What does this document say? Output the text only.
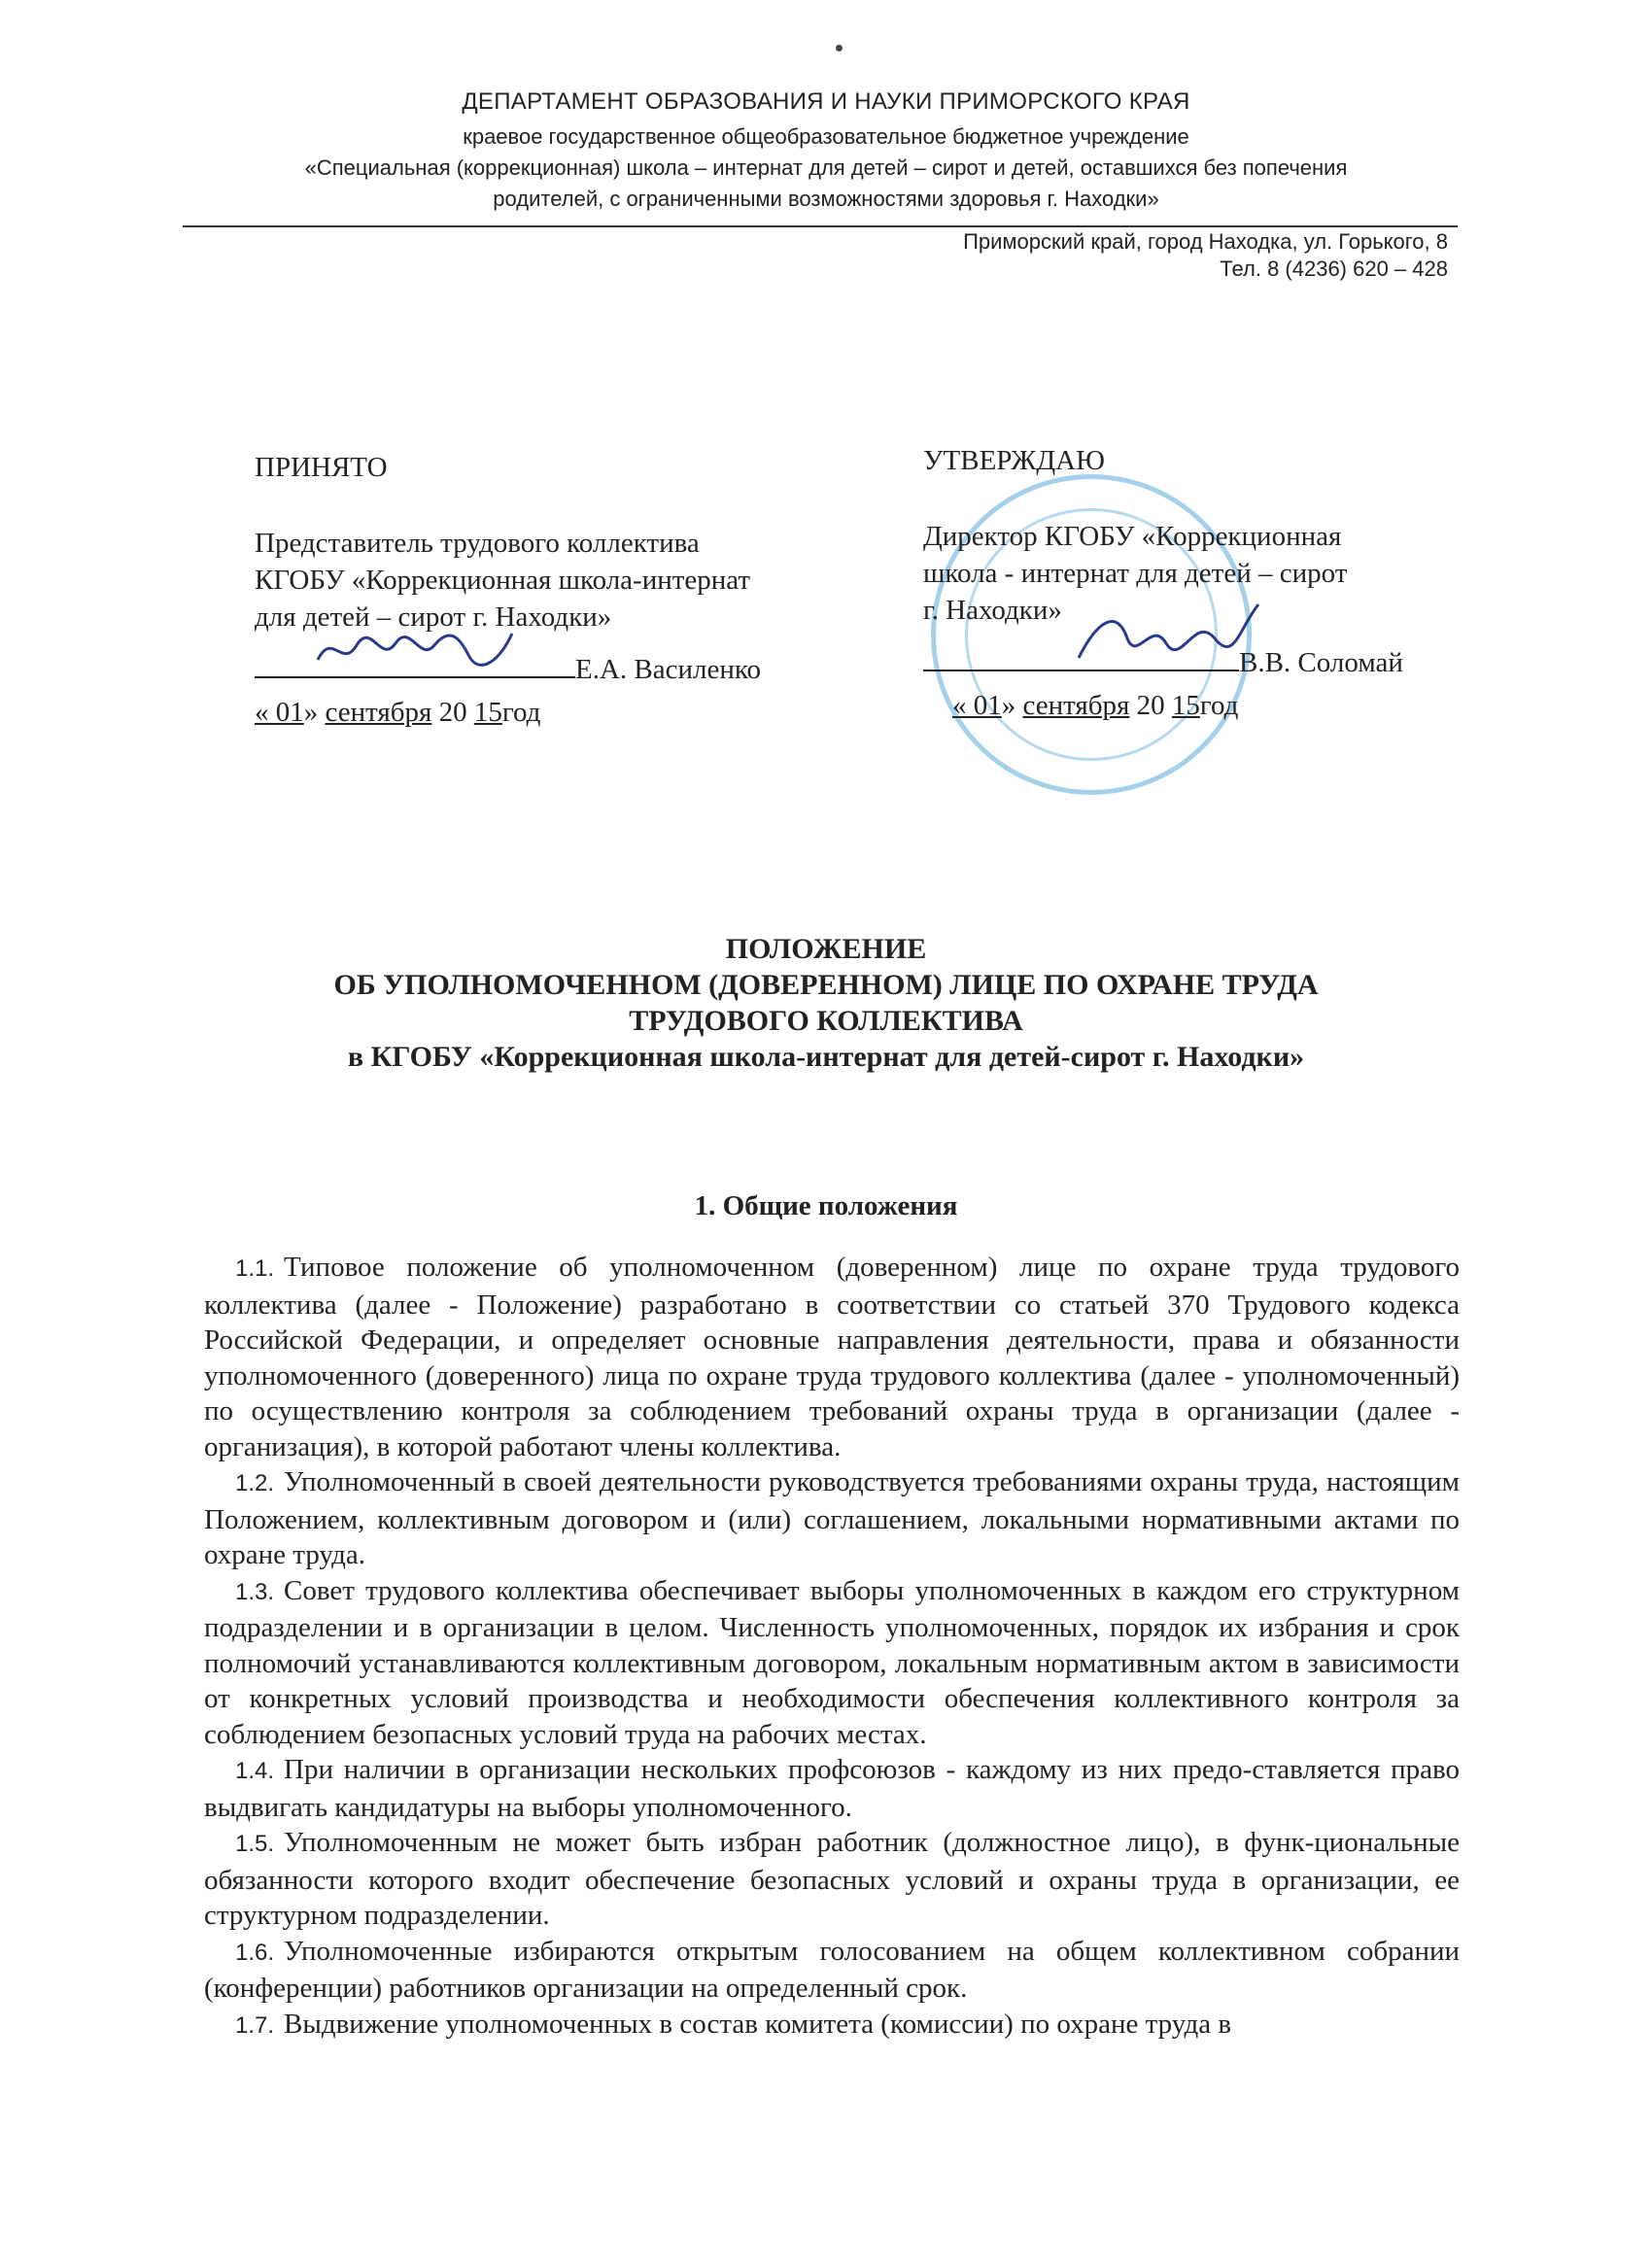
ДЕПАРТАМЕНТ ОБРАЗОВАНИЯ И НАУКИ ПРИМОРСКОГО КРАЯ
краевое государственное общеобразовательное бюджетное учреждение
«Специальная (коррекционная) школа – интернат для детей – сирот и детей, оставшихся без попечения
родителей, с ограниченными возможностями здоровья г. Находки»
Приморский край, город Находка, ул. Горького, 8
Тел. 8 (4236) 620 – 428
ПРИНЯТО
Представитель трудового коллектива
КГОБУ «Коррекционная школа-интернат
для детей – сирот г. Находки»
Е.А. Василенко
« 01» сентября 20 15год
УТВЕРЖДАЮ
Директор КГОБУ «Коррекционная
школа - интернат для детей – сирот
г. Находки»
В.В. Соломай
« 01» сентября 20 15год
ПОЛОЖЕНИЕ
ОБ УПОЛНОМОЧЕННОМ (ДОВЕРЕННОМ) ЛИЦЕ ПО ОХРАНЕ ТРУДА
ТРУДОВОГО КОЛЛЕКТИВА
в КГОБУ «Коррекционная школа-интернат для детей-сирот г. Находки»
1. Общие положения

1.1. Типовое положение об уполномоченном (доверенном) лице по охране труда трудового коллектива (далее - Положение) разработано в соответствии со статьей 370 Трудового кодекса Российской Федерации, и определяет основные направления деятельности, права и обязанности уполномоченного (доверенного) лица по охране труда трудового коллектива (далее - уполномоченный) по осуществлению контроля за соблюдением требований охраны труда в организации (далее - организация), в которой работают члены коллектива.

1.2. Уполномоченный в своей деятельности руководствуется требованиями охраны труда, настоящим Положением, коллективным договором и (или) соглашением, локальными нормативными актами по охране труда.

1.3. Совет трудового коллектива обеспечивает выборы уполномоченных в каждом его структурном подразделении и в организации в целом. Численность уполномоченных, порядок их избрания и срок полномочий устанавливаются коллективным договором, локальным нормативным актом в зависимости от конкретных условий производства и необходимости обеспечения коллективного контроля за соблюдением безопасных условий труда на рабочих местах.

1.4. При наличии в организации нескольких профсоюзов - каждому из них предо-ставляется право выдвигать кандидатуры на выборы уполномоченного.

1.5. Уполномоченным не может быть избран работник (должностное лицо), в функ-циональные обязанности которого входит обеспечение безопасных условий и охраны труда в организации, ее структурном подразделении.

1.6. Уполномоченные избираются открытым голосованием на общем коллективном собрании (конференции) работников организации на определенный срок.

1.7. Выдвижение уполномоченных в состав комитета (комиссии) по охране труда в
